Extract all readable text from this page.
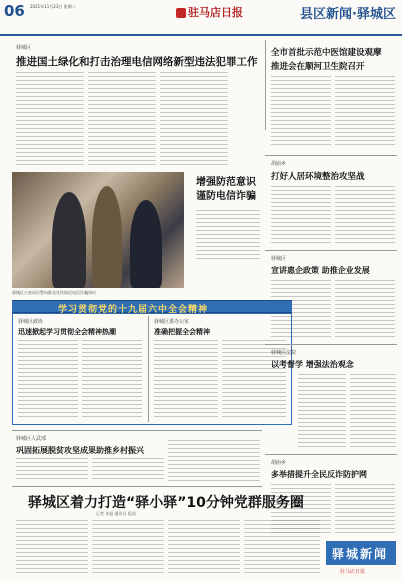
06 2021年11月23日 星期二	驻马店日报	县区新闻·驿城区
驿城区
推进国土绿化和打击治理电信网络新型违法犯罪工作
全市首批示范中医馆建设观摩
推进会在顺河卫生院召开
胡庙乡
打好人居环境整治攻坚战
驿城区公安局民警向群众宣传防范电信诈骗知识
增强防范意识
谨防电信诈骗
驿城区
宣讲惠企政策 助推企业发展
学习贯彻党的十九届六中全会精神
驿城区政协
迅速掀起学习贯彻全会精神热潮
驿城区委办公室
准确把握全会精神
驿城区法院
以考督学 增强法治观念
驿城区人武部
巩固拓展脱贫攻坚成果助推乡村振兴
胡庙乡
多举措提升全民反诈防护网
驿城区着力打造“驿小驿”10分钟党群服务圈
记者 本报 通讯员 报道
驿城新闻
驻马店日报
